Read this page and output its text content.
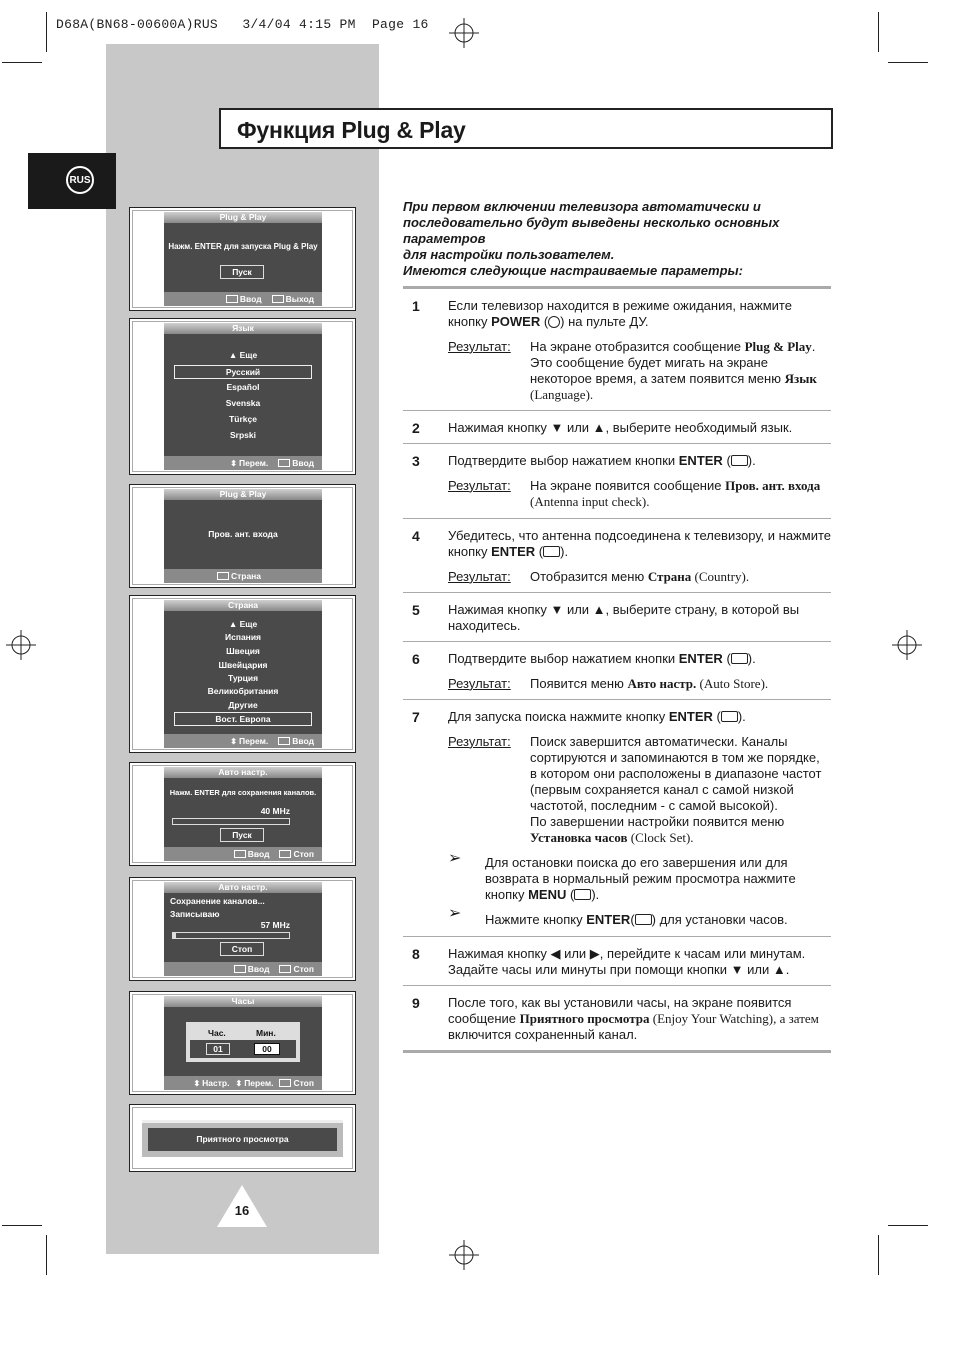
D68A(BN68-00600A)RUS   3/4/04 4:15 PM  Page 16
RUS
Функция Plug & Play
Plug & Play
Нажм. ENTER для запуска Plug & Play
Пуск
Ввод	Выход
Язык
▲ Еще
Русский
Español
Svenska
Türkçe
Srpski
⬍ Перем.	Ввод
Plug & Play
Пров. ант. входа
Страна
Страна
▲ Еще
Испания
Швеция
Швейцария
Турция
Великобритания
Другие
Вост. Европа
⬍ Перем.	Ввод
Авто настр.
Нажм. ENTER для сохранения каналов.
40 MHz
Пуск
Ввод	Стоп
Авто настр.
Сохранение каналов...
Записываю
57 MHz
Стоп
Ввод	Стоп
Часы
Час.	Мин.
01	00
⬍ Настр. ⬍ Перем.	Стоп
Приятного просмотра
16
При первом включении телевизора автоматически и
последовательно будут выведены несколько основных параметров
для настройки пользователем.
Имеются следующие настраиваемые параметры:
1 Если телевизор находится в режиме ожидания, нажмите
кнопку POWER ( ) на пульте ДУ.
Результат:	На экране отобразится сообщение Plug & Play.
Это сообщение будет мигать на экране
некоторое время, а затем появится меню Язык
(Language).
2 Нажимая кнопку ▼ или ▲, выберите необходимый язык.
3 Подтвердите выбор нажатием кнопки ENTER ( ).
Результат:	На экране появится сообщение Пров. ант. входа
(Antenna input check).
4 Убедитесь, что антенна подсоединена к телевизору, и нажмите
кнопку ENTER ( ).
Результат:	Отобразится меню Страна (Country).
5 Нажимая кнопку ▼ или ▲, выберите страну, в которой вы
находитесь.
6 Подтвердите выбор нажатием кнопки ENTER ( ).
Результат:	Появится меню Авто настр. (Auto Store).
7 Для запуска поиска нажмите кнопку ENTER ( ).
Результат:	Поиск завершится автоматически. Каналы
сортируются и запоминаются в том же порядке,
в котором они расположены в диапазоне частот
(первым сохраняется канал с самой низкой
частотой, последним - с самой высокой).
По завершении настройки появится меню
Установка часов (Clock Set).
➢ Для остановки поиска до его завершения или для
возврата в нормальный режим просмотра нажмите
кнопку MENU ( ).
➢ Нажмите кнопку ENTER( ) для установки часов.
8 Нажимая кнопку ◀ или ▶, перейдите к часам или минутам.
Задайте часы или минуты при помощи кнопки ▼ или ▲.
9 После того, как вы установили часы, на экране появится
сообщение Приятного просмотра (Enjoy Your Watching), а затем
включится сохраненный канал.
